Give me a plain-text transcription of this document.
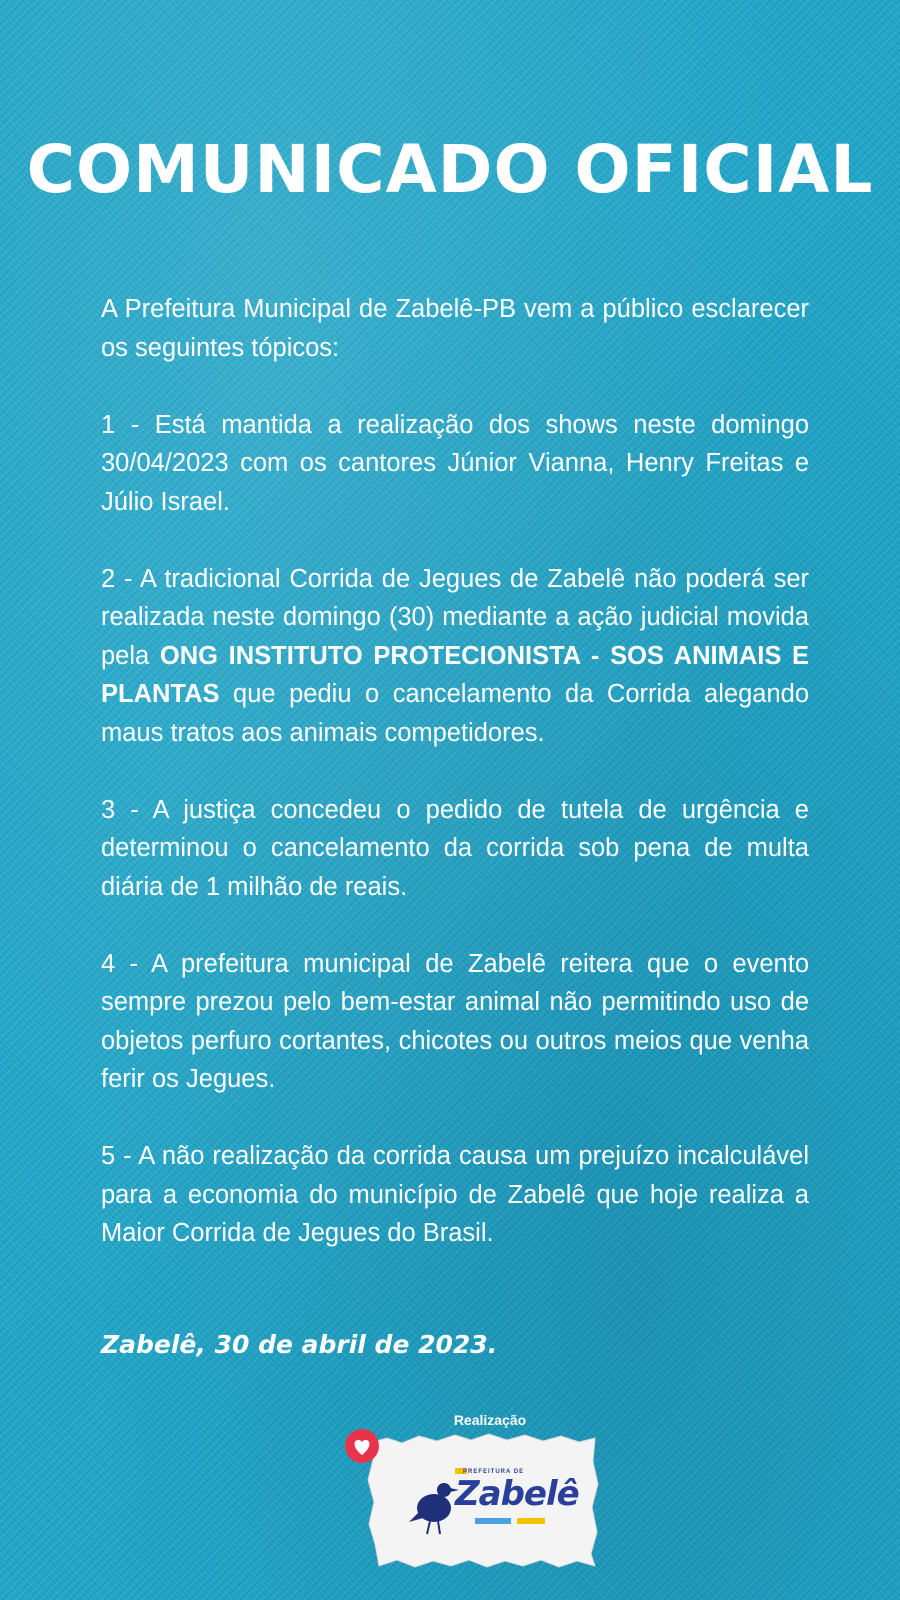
COMUNICADO OFICIAL

A Prefeitura Municipal de Zabelê-PB vem a público esclarecer os seguintes tópicos:

1 - Está mantida a realização dos shows neste domingo 30/04/2023 com os cantores Júnior Vianna, Henry Freitas e Júlio Israel.

2 - A tradicional Corrida de Jegues de Zabelê não poderá ser realizada neste domingo (30) mediante a ação judicial movida pela ONG INSTITUTO PROTECIONISTA - SOS ANIMAIS E PLANTAS que pediu o cancelamento da Corrida alegando maus tratos aos animais competidores.

3 - A justiça concedeu o pedido de tutela de urgência e determinou o cancelamento da corrida sob pena de multa diária de 1 milhão de reais.

4 - A prefeitura municipal de Zabelê reitera que o evento sempre prezou pelo bem-estar animal não permitindo uso de objetos perfuro cortantes, chicotes ou outros meios que venha ferir os Jegues.

5 - A não realização da corrida causa um prejuízo incalculável para a economia do município de Zabelê que hoje realiza a Maior Corrida de Jegues do Brasil.

Zabelê, 30 de abril de 2023.
Realização
PREFEITURA DE
Zabelê
